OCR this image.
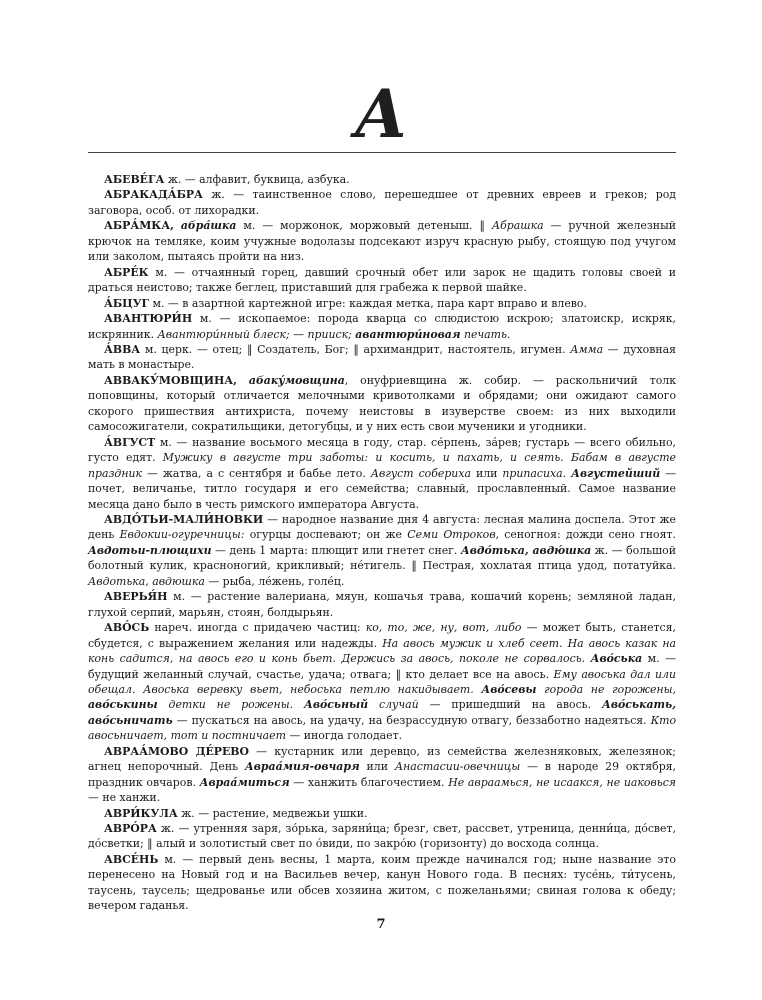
А

АБЕВЕ́ГА ж. — алфавит, буквица, азбука.

АБРАКАДА́БРА ж. — таинственное слово, перешедшее от древних евреев и греков; род заговора, особ. от лихорадки.

АБРА́МКА, абра́шка м. — моржонок, моржовый детеныш. ‖ Абрашка — ручной железный крючок на темляке, коим учужные водолазы подсекают изруч красную рыбу, стоящую под учугом или заколом, пытаясь пройти на низ.

АБРЕ́К м. — отчаянный горец, давший срочный обет или зарок не щадить головы своей и драться неистово; также беглец, приставший для грабежа к первой шайке.

А́БЦУГ м. — в азартной картежной игре: каждая метка, пара карт вправо и влево.

АВАНТЮРИ́Н м. — ископаемое: порода кварца со слюдистою искрою; златоискр, искряк, искрянник. Авантюри́нный блеск; — прииск; авантюри́новая печать.

А́ВВА м. церк. — отец; ‖ Создатель, Бог; ‖ архимандрит, настоятель, игумен. Амма — духовная мать в монастыре.

АВВАКУ́МОВЩИНА, абаку́мовщина, онуфриевщина ж. собир. — раскольничий толк поповщины, который отличается мелочными кривотолками и обрядами; они ожидают самого скорого пришествия антихриста, почему неистовы в изуверстве своем: из них выходили самосожигатели, сократильщики, детогубцы, и у них есть свои мученики и угодники.

А́ВГУСТ м. — название восьмого месяца в году, стар. се́рпень, за́рев; густарь — всего обильно, густо едят. Мужику в августе три заботы: и косить, и пахать, и сеять. Бабам в августе праздник — жатва, а с сентября и бабье лето. Август собериха или припасиха. Августейший — почет, величанье, титло государя и его семейства; славный, прославленный. Самое название месяца дано было в честь римского императора Августа.

АВДО́ТЬИ-МАЛИ́НОВКИ — народное название дня 4 августа: лесная малина доспела. Этот же день Евдокии-огуречницы: огурцы доспевают; он же Семи Отроков, сеногноя: дожди сено гноят. Авдотьи-плющихи — день 1 марта: плющит или гнетет снег. Авдо́тька, авдю́шка ж. — большой болотный кулик, красноногий, крикливый; не́тигель. ‖ Пестрая, хохлатая птица удод, потатуйка. Авдотька, авдюшка — рыба, ле́жень, голе́ц.

АВЕРЬЯ́Н м. — растение валериана, мяун, кошачья трава, кошачий корень; земляной ладан, глухой серпий, марьян, стоян, болдырьян.

АВО́СЬ нареч. иногда с придачею частиц: ко, то, же, ну, вот, либо — может быть, станется, сбудется, с выражением желания или надежды. На авось мужик и хлеб сеет. На авось казак на конь садится, на авось его и конь бьет. Держись за авось, поколе не сорвалось. Аво́ська м. — будущий желанный случай, счастье, удача; отвага; ‖ кто делает все на авось. Ему авоська дал или обещал. Авоська веревку вьет, небоська петлю накидывает. Аво́севы города не горожены, аво́ськины детки не рожены. Аво́сьный случай — пришедший на авось. Аво́ськать, аво́сьничать — пускаться на авось, на удачу, на безрассудную отвагу, беззаботно надеяться. Кто авосьничает, тот и постничает — иногда голодает.

АВРАА́МОВО ДЕ́РЕВО — кустарник или деревцо, из семейства железняковых, железянок; агнец непорочный. День Авраа́мия-овчаря или Анастасии-овечницы — в народе 29 октября, праздник овчаров. Авраа́миться — ханжить благочестием. Не авраамься, не исаакся, не иаковься — не ханжи.

АВРИ́КУЛА ж. — растение, медвежьи ушки.

АВРО́РА ж. — утренняя заря, зо́рька, заряни́ца; брезг, свет, рассвет, утреница, денни́ца, до́свет, до́светки; ‖ алый и золотистый свет по о́види, по закро́ю (горизонту) до восхода солнца.

АВСЕ́НЬ м. — первый день весны, 1 марта, коим прежде начинался год; ныне название это перенесено на Новый год и на Васильев вечер, канун Нового года. В песнях: тусе́нь, ти́тусень, таусень, таусель; щедрованье или обсев хозяина житом, с пожеланьями; свиная голова к обеду; вечером гаданья.

7
